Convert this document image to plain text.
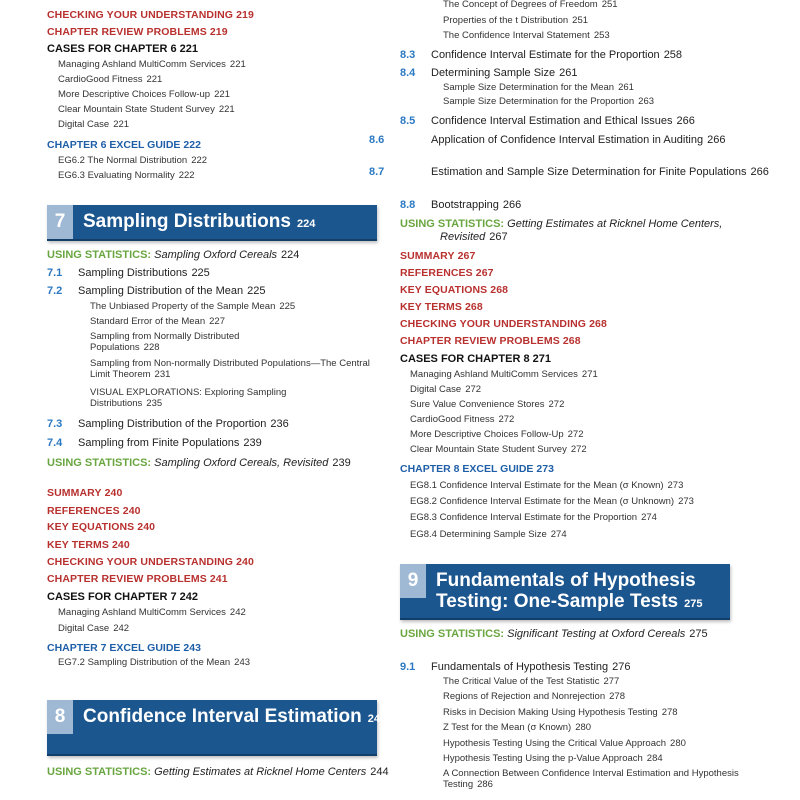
CHECKING YOUR UNDERSTANDING 219
CHAPTER REVIEW PROBLEMS 219
CASES FOR CHAPTER 6 221
Managing Ashland MultiComm Services 221
CardioGood Fitness 221
More Descriptive Choices Follow-up 221
Clear Mountain State Student Survey 221
Digital Case 221
CHAPTER 6 EXCEL GUIDE 222
EG6.2 The Normal Distribution 222
EG6.3 Evaluating Normality 222
7 Sampling Distributions 224
USING STATISTICS: Sampling Oxford Cereals 224
7.1 Sampling Distributions 225
7.2 Sampling Distribution of the Mean 225
The Unbiased Property of the Sample Mean 225
Standard Error of the Mean 227
Sampling from Normally Distributed Populations 228
Sampling from Non-normally Distributed Populations—The Central Limit Theorem 231
VISUAL EXPLORATIONS: Exploring Sampling Distributions 235
7.3 Sampling Distribution of the Proportion 236
7.4 Sampling from Finite Populations 239
USING STATISTICS: Sampling Oxford Cereals, Revisited 239
SUMMARY 240
REFERENCES 240
KEY EQUATIONS 240
KEY TERMS 240
CHECKING YOUR UNDERSTANDING 240
CHAPTER REVIEW PROBLEMS 241
CASES FOR CHAPTER 7 242
Managing Ashland MultiComm Services 242
Digital Case 242
CHAPTER 7 EXCEL GUIDE 243
EG7.2 Sampling Distribution of the Mean 243
8 Confidence Interval Estimation 244
USING STATISTICS: Getting Estimates at Ricknel Home Centers 244
The Concept of Degrees of Freedom 251
Properties of the t Distribution 251
The Confidence Interval Statement 253
8.3 Confidence Interval Estimate for the Proportion 258
8.4 Determining Sample Size 261
Sample Size Determination for the Mean 261
Sample Size Determination for the Proportion 263
8.5 Confidence Interval Estimation and Ethical Issues 266
8.6	Application of Confidence Interval Estimation in Auditing 266
8.7	Estimation and Sample Size Determination for Finite Populations 266
8.8 Bootstrapping 266
USING STATISTICS: Getting Estimates at Ricknel Home Centers, Revisited 267
SUMMARY 267
REFERENCES 267
KEY EQUATIONS 268
KEY TERMS 268
CHECKING YOUR UNDERSTANDING 268
CHAPTER REVIEW PROBLEMS 268
CASES FOR CHAPTER 8 271
Managing Ashland MultiComm Services 271
Digital Case 272
Sure Value Convenience Stores 272
CardioGood Fitness 272
More Descriptive Choices Follow-Up 272
Clear Mountain State Student Survey 272
CHAPTER 8 EXCEL GUIDE 273
EG8.1 Confidence Interval Estimate for the Mean (σ Known) 273
EG8.2 Confidence Interval Estimate for the Mean (σ Unknown) 273
EG8.3 Confidence Interval Estimate for the Proportion 274
EG8.4 Determining Sample Size 274
9 Fundamentals of Hypothesis Testing: One-Sample Tests 275
USING STATISTICS: Significant Testing at Oxford Cereals 275
9.1 Fundamentals of Hypothesis Testing 276
The Critical Value of the Test Statistic 277
Regions of Rejection and Nonrejection 278
Risks in Decision Making Using Hypothesis Testing 278
Z Test for the Mean (σ Known) 280
Hypothesis Testing Using the Critical Value Approach 280
Hypothesis Testing Using the p-Value Approach 284
A Connection Between Confidence Interval Estimation and Hypothesis Testing 286
